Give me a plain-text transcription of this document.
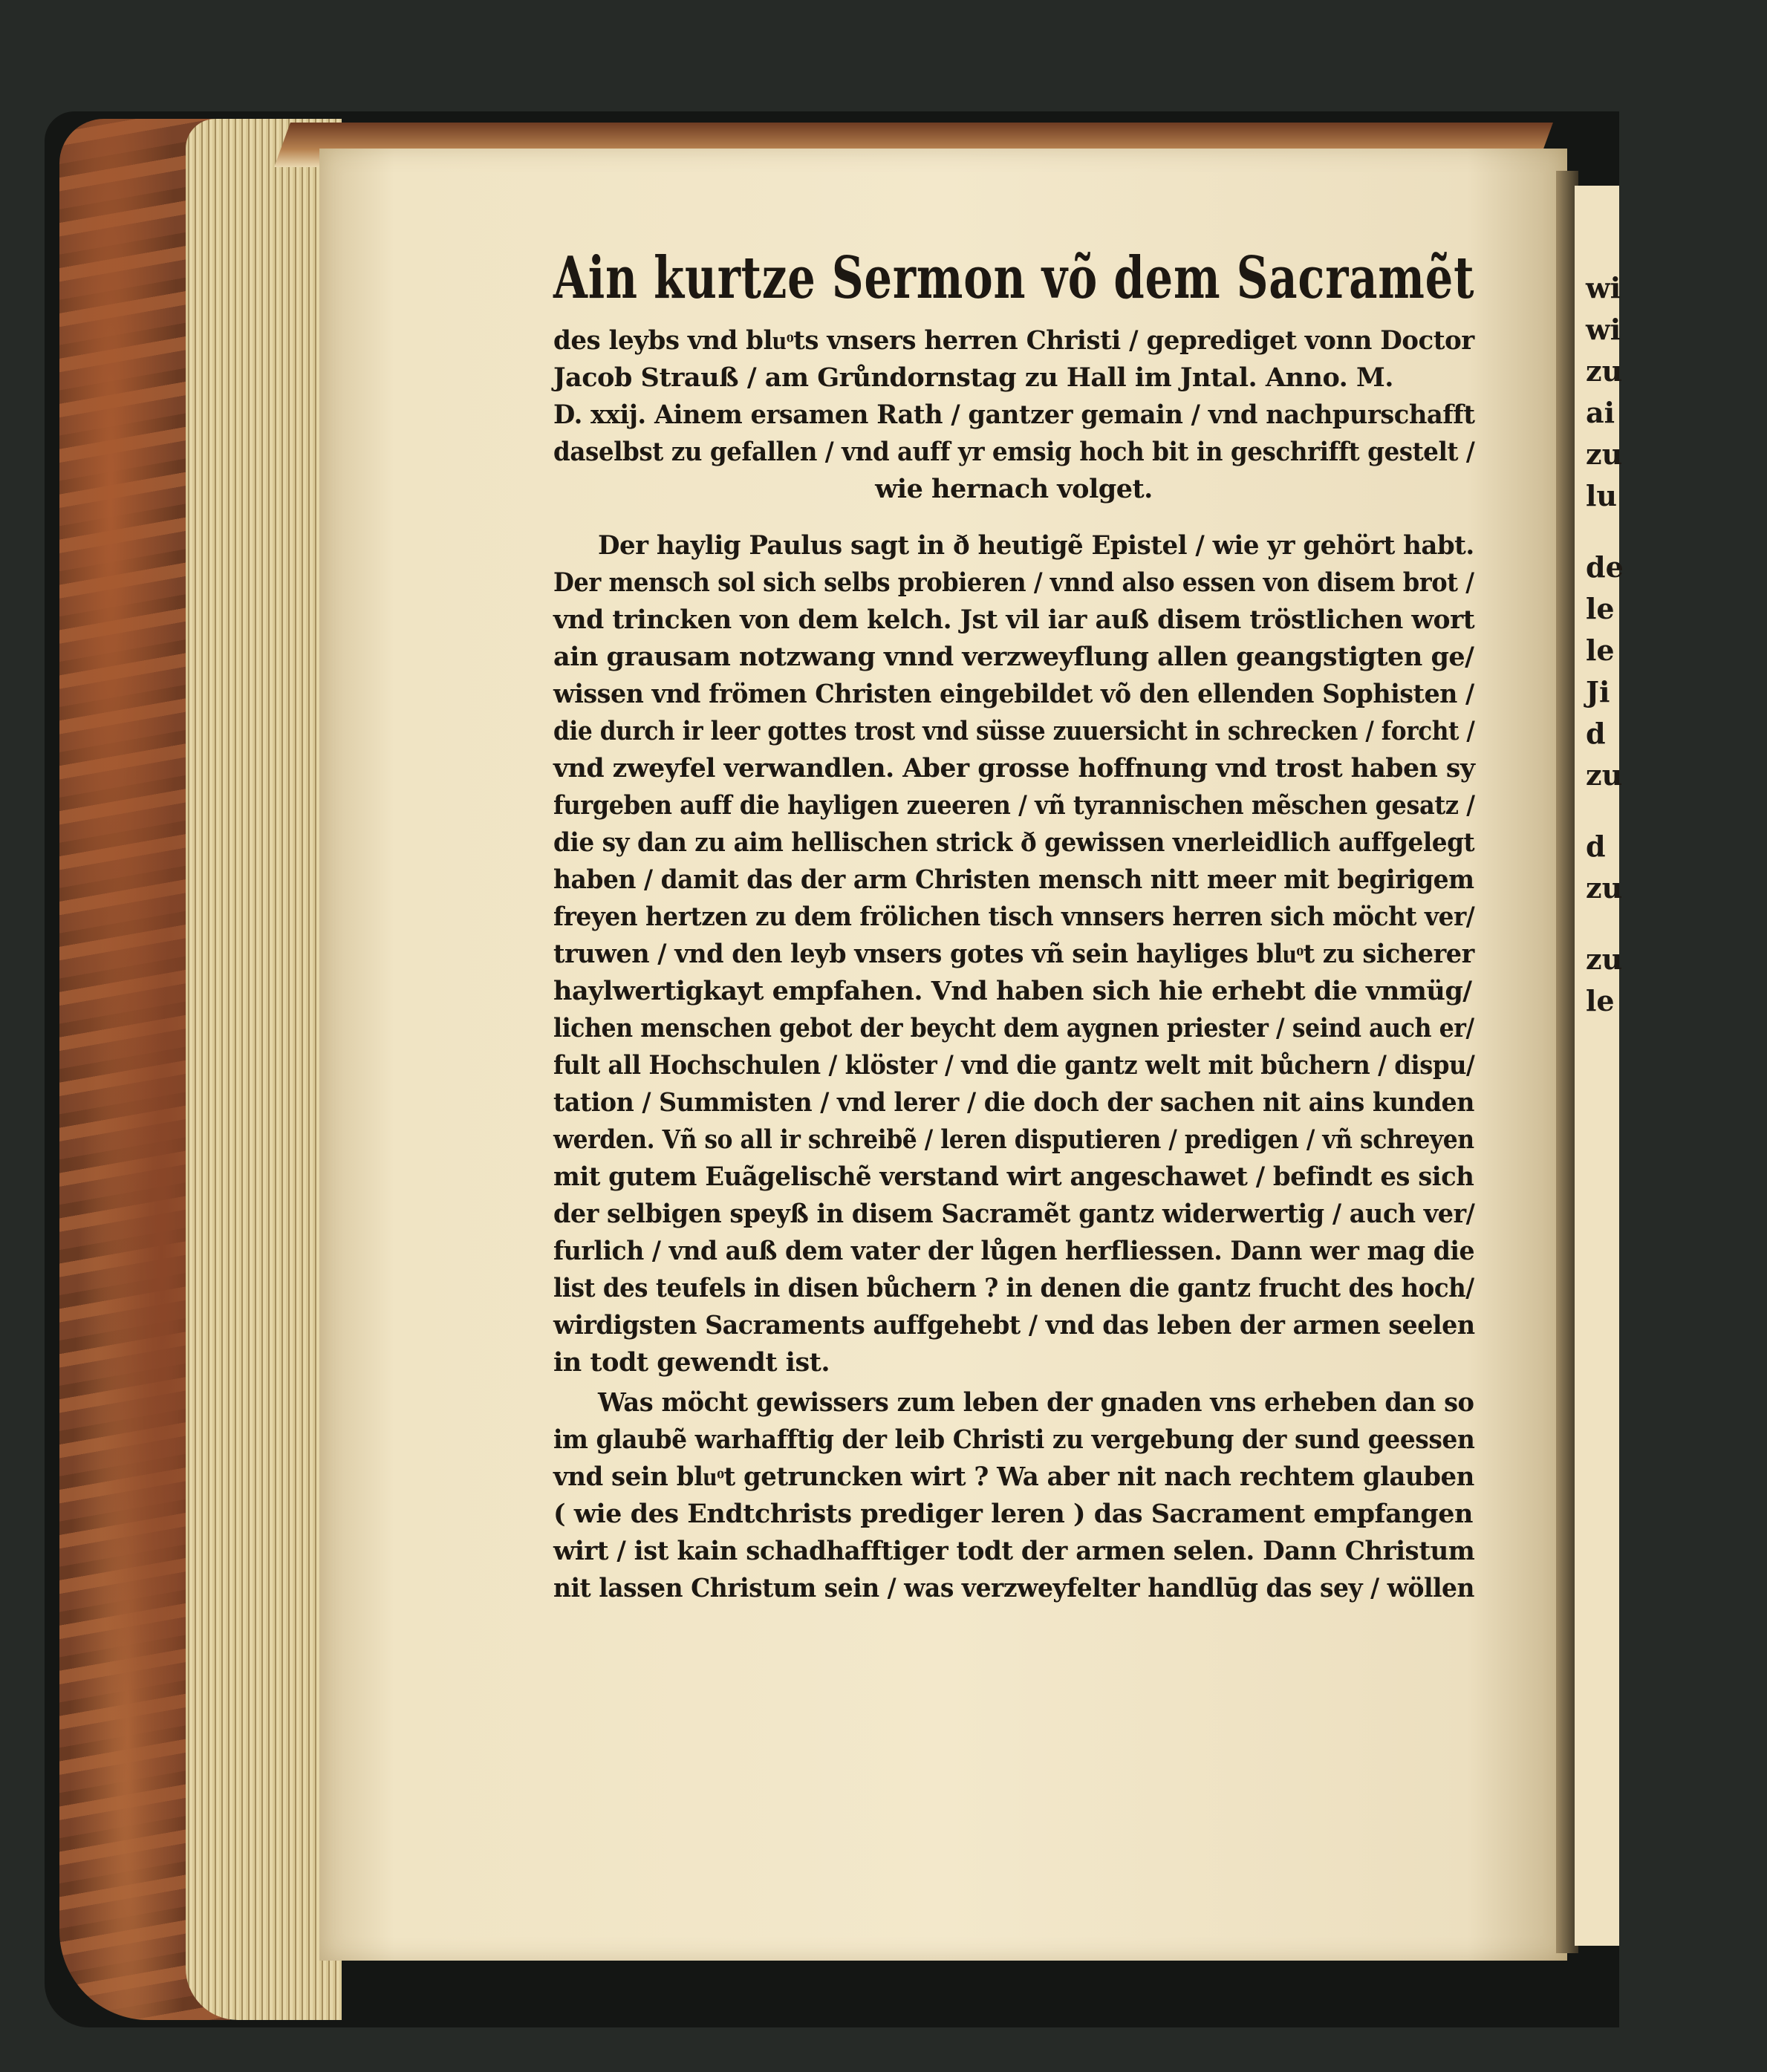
wi
wi
zu
ai
zu
lu
de
le
le
Ji
d
zu
d
zu
zu
le
Ain kurtze Sermon võ dem Sacramẽt
des leybs vnd bluͦts vnsers herren Christi / geprediget vonn Doctor
Jacob Strauß / am Grůndornstag zu Hall im Jntal. Anno. M.
D. xxij. Ainem ersamen Rath / gantzer gemain / vnd nachpurschafft
daselbst zu gefallen / vnd auff yr emsig hoch bit in geschrifft gestelt /
wie hernach volget.
Der haylig Paulus sagt in ð heutigẽ Epistel / wie yr gehört habt.
Der mensch sol sich selbs probieren / vnnd also essen von disem brot /
vnd trincken von dem kelch. Jst vil iar auß disem tröstlichen wort
ain grausam notzwang vnnd verzweyflung allen geangstigten ge/
wissen vnd frömen Christen eingebildet võ den ellenden Sophisten /
die durch ir leer gottes trost vnd süsse zuuersicht in schrecken / forcht /
vnd zweyfel verwandlen. Aber grosse hoffnung vnd trost haben sy
furgeben auff die hayligen zueeren / vñ tyrannischen mẽschen gesatz /
die sy dan zu aim hellischen strick ð gewissen vnerleidlich auffgelegt
haben / damit das der arm Christen mensch nitt meer mit begirigem
freyen hertzen zu dem frölichen tisch vnnsers herren sich möcht ver/
truwen / vnd den leyb vnsers gotes vñ sein hayliges bluͦt zu sicherer
haylwertigkayt empfahen. Vnd haben sich hie erhebt die vnmüg/
lichen menschen gebot der beycht dem aygnen priester / seind auch er/
fult all Hochschulen / klöster / vnd die gantz welt mit bůchern / dispu/
tation / Summisten / vnd lerer / die doch der sachen nit ains kunden
werden. Vñ so all ir schreibẽ / leren disputieren / predigen / vñ schreyen
mit gutem Euãgelischẽ verstand wirt angeschawet / befindt es sich
der selbigen speyß in disem Sacramẽt gantz widerwertig / auch ver/
furlich / vnd auß dem vater der lůgen herfliessen. Dann wer mag die
list des teufels in disen bůchern ? in denen die gantz frucht des hoch/
wirdigsten Sacraments auffgehebt / vnd das leben der armen seelen
in todt gewendt ist.
Was möcht gewissers zum leben der gnaden vns erheben dan so
im glaubẽ warhafftig der leib Christi zu vergebung der sund geessen
vnd sein bluͦt getruncken wirt ? Wa aber nit nach rechtem glauben
( wie des Endtchrists prediger leren ) das Sacrament empfangen
wirt / ist kain schadhafftiger todt der armen selen. Dann Christum
nit lassen Christum sein / was verzweyfelter handlūg das sey / wöllen
